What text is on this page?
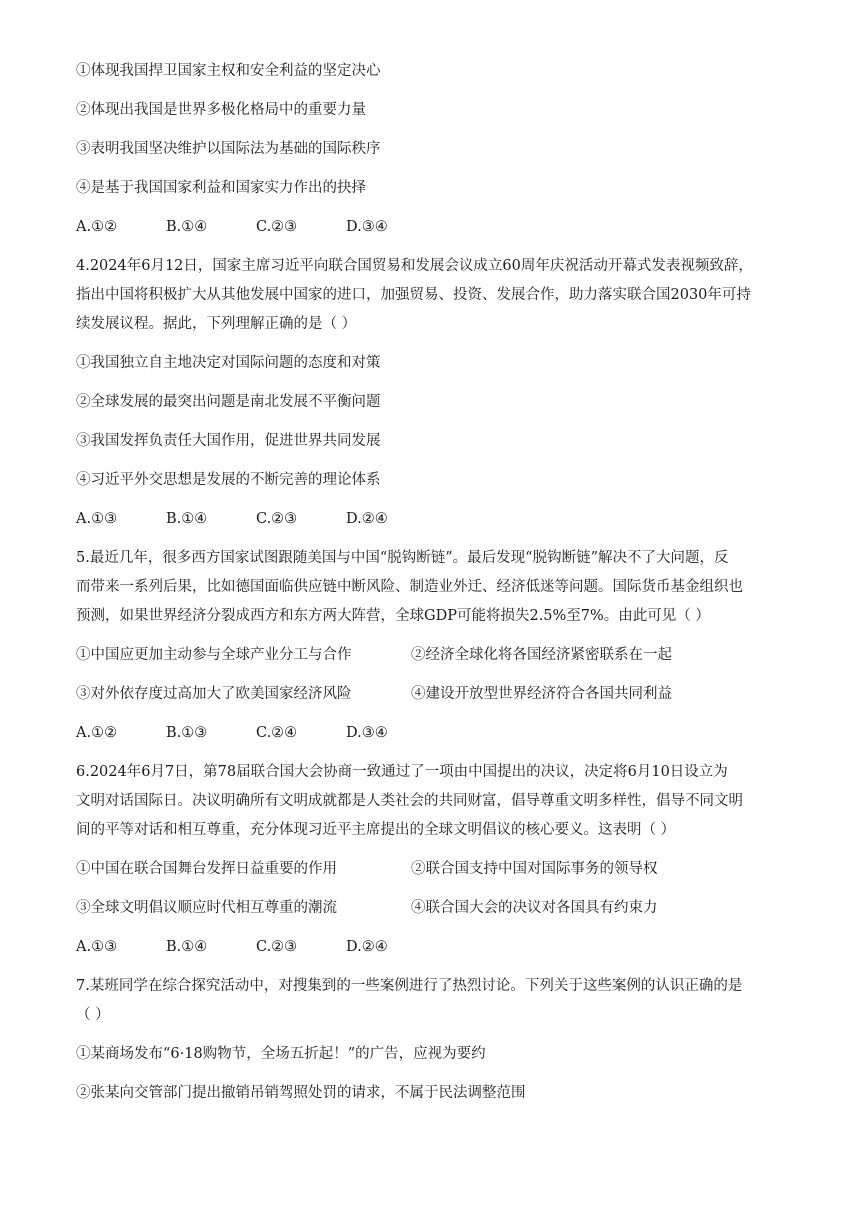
①体现我国捍卫国家主权和安全利益的坚定决心
②体现出我国是世界多极化格局中的重要力量
③表明我国坚决维护以国际法为基础的国际秩序
④是基于我国国家利益和国家实力作出的抉择
A.①②	B.①④	C.②③	D.③④
4.2024年6月12日，国家主席习近平向联合国贸易和发展会议成立60周年庆祝活动开幕式发表视频致辞，
指出中国将积极扩大从其他发展中国家的进口，加强贸易、投资、发展合作，助力落实联合国2030年可持
续发展议程。据此，下列理解正确的是（ ）
①我国独立自主地决定对国际问题的态度和对策
②全球发展的最突出问题是南北发展不平衡问题
③我国发挥负责任大国作用，促进世界共同发展
④习近平外交思想是发展的不断完善的理论体系
A.①③	B.①④	C.②③	D.②④
5.最近几年，很多西方国家试图跟随美国与中国“脱钩断链”。最后发现“脱钩断链”解决不了大问题，反
而带来一系列后果，比如德国面临供应链中断风险、制造业外迁、经济低迷等问题。国际货币基金组织也
预测，如果世界经济分裂成西方和东方两大阵营，全球GDP可能将损失2.5%至7%。由此可见（ ）
①中国应更加主动参与全球产业分工与合作	②经济全球化将各国经济紧密联系在一起
③对外依存度过高加大了欧美国家经济风险	④建设开放型世界经济符合各国共同利益
A.①②	B.①③	C.②④	D.③④
6.2024年6月7日，第78届联合国大会协商一致通过了一项由中国提出的决议，决定将6月10日设立为
文明对话国际日。决议明确所有文明成就都是人类社会的共同财富，倡导尊重文明多样性，倡导不同文明
间的平等对话和相互尊重，充分体现习近平主席提出的全球文明倡议的核心要义。这表明（ ）
①中国在联合国舞台发挥日益重要的作用	②联合国支持中国对国际事务的领导权
③全球文明倡议顺应时代相互尊重的潮流	④联合国大会的决议对各国具有约束力
A.①③	B.①④	C.②③	D.②④
7.某班同学在综合探究活动中，对搜集到的一些案例进行了热烈讨论。下列关于这些案例的认识正确的是
（ ）
①某商场发布“6·18购物节，全场五折起！”的广告，应视为要约
②张某向交管部门提出撤销吊销驾照处罚的请求，不属于民法调整范围
